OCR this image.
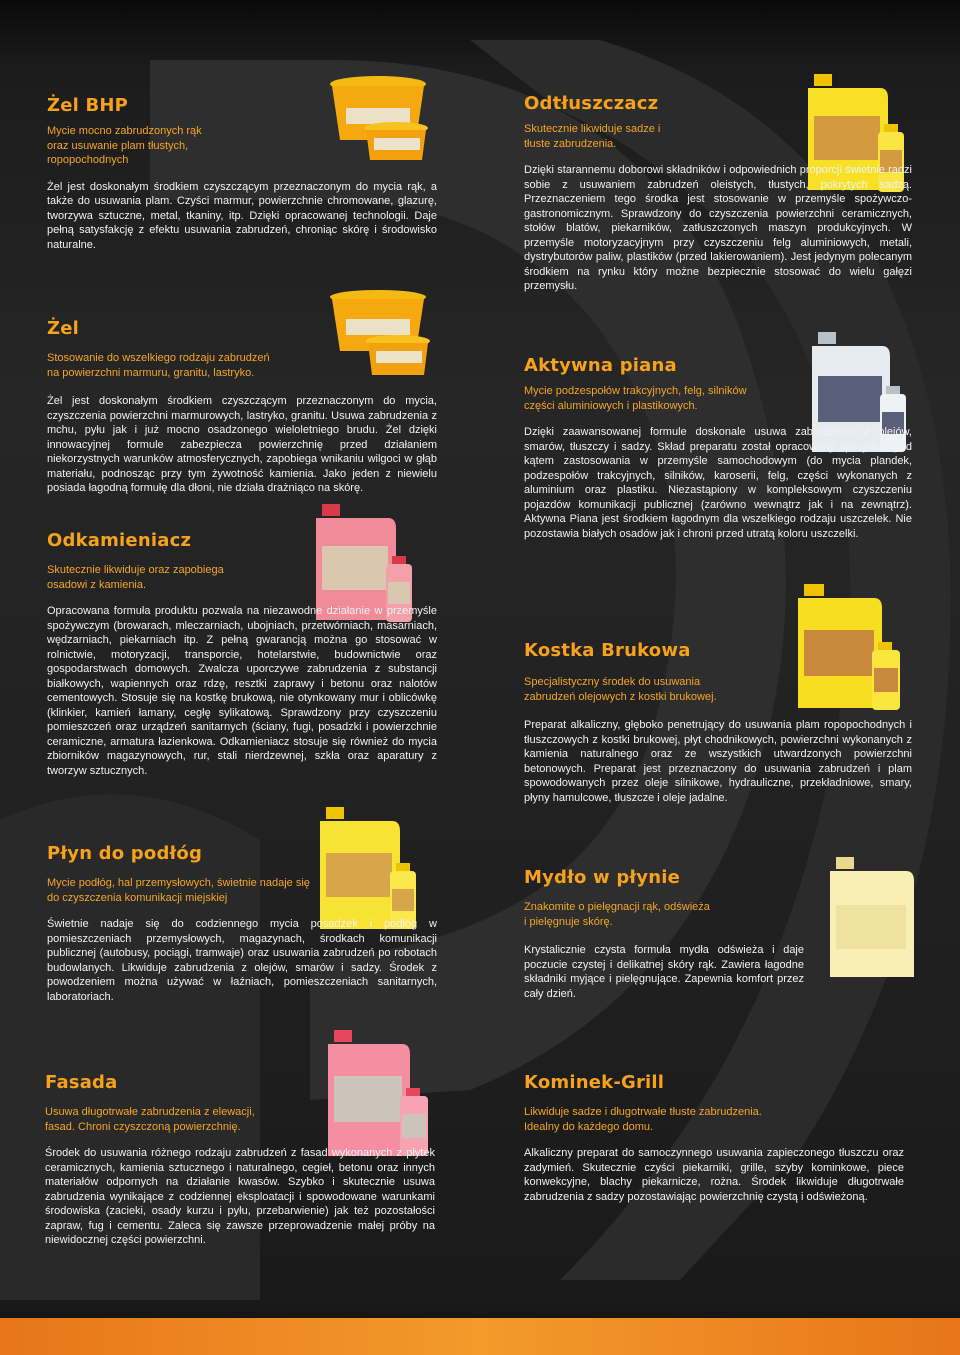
Żel BHP

Mycie mocno zabrudzonych rąk oraz usuwanie plam tłustych, ropopochodnych

Żel jest doskonałym środkiem czyszczącym przeznaczonym do mycia rąk, a także do usuwania plam. Czyści marmur, powierzchnie chromowane, glazurę, tworzywa sztuczne, metal, tkaniny, itp. Dzięki opracowanej technologii. Daje pełną satysfakcję z efektu usuwania zabrudzeń, chroniąc skórę i środowisko naturalne.

Żel

Stosowanie do wszelkiego rodzaju zabrudzeń na powierzchni marmuru, granitu, lastryko.

Żel jest doskonałym środkiem czyszczącym przeznaczonym do mycia, czyszczenia powierzchni marmurowych, lastryko, granitu. Usuwa zabrudzenia z mchu, pyłu jak i już mocno osadzonego wieloletniego brudu. Żel dzięki innowacyjnej formule zabezpiecza powierzchnię przed działaniem niekorzystnych warunków atmosferycznych, zapobiega wnikaniu wilgoci w głąb materiału, podnosząc przy tym żywotność kamienia. Jako jeden z niewielu posiada łagodną formułę dla dłoni, nie działa drażniąco na skórę.

Odkamieniacz

Skutecznie likwiduje oraz zapobiega osadowi z kamienia.

Opracowana formuła produktu pozwala na niezawodne działanie w przemyśle spożywczym (browarach, mleczarniach, ubojniach, przetwórniach, masarniach, wędzarniach, piekarniach itp. Z pełną gwarancją można go stosować w rolnictwie, motoryzacji, transporcie, hotelarstwie, budownictwie oraz gospodarstwach domowych. Zwalcza uporczywe zabrudzenia z substancji białkowych, wapiennych oraz rdzę, resztki zaprawy i betonu oraz nalotów cementowych. Stosuje się na kostkę brukową, nie otynkowany mur i oblicówkę (klinkier, kamień łamany, cegłę sylikatową. Sprawdzony przy czyszczeniu pomieszczeń oraz urządzeń sanitarnych (ściany, fugi, posadzki i powierzchnie ceramiczne, armatura łazienkowa. Odkamieniacz stosuje się również do mycia zbiorników magazynowych, rur, stali nierdzewnej, szkła oraz aparatury z tworzyw sztucznych.

Płyn do podłóg

Mycie podłóg, hal przemysłowych, świetnie nadaje się do czyszczenia komunikacji miejskiej

Świetnie nadaje się do codziennego mycia posadzek i podłóg w pomieszczeniach przemysłowych, magazynach, środkach komunikacji publicznej (autobusy, pociągi, tramwaje) oraz usuwania zabrudzeń po robotach budowlanych. Likwiduje zabrudzenia z olejów, smarów i sadzy. Środek z powodzeniem można używać w łaźniach, pomieszczeniach sanitarnych, laboratoriach.

Fasada

Usuwa długotrwałe zabrudzenia z elewacji, fasad. Chroni czyszczoną powierzchnię.

Środek do usuwania różnego rodzaju zabrudzeń z fasad wykonanych z płytek ceramicznych, kamienia sztucznego i naturalnego, cegieł, betonu oraz innych materiałów odpornych na działanie kwasów. Szybko i skutecznie usuwa zabrudzenia wynikające z codziennej eksploatacji i spowodowane warunkami środowiska (zacieki, osady kurzu i pyłu, przebarwienie) jak też pozostałości zapraw, fug i cementu. Zaleca się zawsze przeprowadzenie małej próby na niewidocznej części powierzchni.

Odtłuszczacz

Skutecznie likwiduje sadze i tłuste zabrudzenia.

Dzięki starannemu doborowi składników i odpowiednich proporcji świetnie radzi sobie z usuwaniem zabrudzeń oleistych, tłustych, pokrytych sadzą. Przeznaczeniem tego środka jest stosowanie w przemyśle spożywczo-gastronomicznym. Sprawdzony do czyszczenia powierzchni ceramicznych, stołów blatów, piekarników, zatłuszczonych maszyn produkcyjnych. W przemyśle motoryzacyjnym przy czyszczeniu felg aluminiowych, metali, dystrybutorów paliw, plastików (przed lakierowaniem). Jest jedynym polecanym środkiem na rynku który możne bezpiecznie stosować do wielu gałęzi przemysłu.

Aktywna piana

Mycie podzespołów trakcyjnych, felg, silników części aluminiowych i plastikowych.

Dzięki zaawansowanej formule doskonale usuwa zabrudzenia z olejów, smarów, tłuszczy i sadzy. Skład preparatu został opracowany specjalnie pod kątem zastosowania w przemyśle samochodowym (do mycia plandek, podzespołów trakcyjnych, silników, karoserii, felg, części wykonanych z aluminium oraz plastiku. Niezastąpiony w kompleksowym czyszczeniu pojazdów komunikacji publicznej (zarówno wewnątrz jak i na zewnątrz). Aktywna Piana jest środkiem łagodnym dla wszelkiego rodzaju uszczelek. Nie pozostawia białych osadów jak i chroni przed utratą koloru uszczelki.

Kostka Brukowa

Specjalistyczny środek do usuwania zabrudzeń olejowych z kostki brukowej.

Preparat alkaliczny, głęboko penetrujący do usuwania plam ropopochodnych i tłuszczowych z kostki brukowej, płyt chodnikowych, powierzchni wykonanych z kamienia naturalnego oraz ze wszystkich utwardzonych powierzchni betonowych. Preparat jest przeznaczony do usuwania zabrudzeń i plam spowodowanych przez oleje silnikowe, hydrauliczne, przekładniowe, smary, płyny hamulcowe, tłuszcze i oleje jadalne.

Mydło w płynie

Znakomite o pielęgnacji rąk, odświeża i pielęgnuje skórę.

Krystalicznie czysta formuła mydła odświeża i daje poczucie czystej i delikatnej skóry rąk. Zawiera łagodne składniki myjące i pielęgnujące. Zapewnia komfort przez cały dzień.

Kominek-Grill

Likwiduje sadze i długotrwałe tłuste zabrudzenia. Idealny do każdego domu.

Alkaliczny preparat do samoczynnego usuwania zapieczonego tłuszczu oraz zadymień. Skutecznie czyści piekarniki, grille, szyby kominkowe, piece konwekcyjne, blachy piekarnicze, rożna. Środek likwiduje długotrwałe zabrudzenia z sadzy pozostawiając powierzchnię czystą i odświeżoną.
